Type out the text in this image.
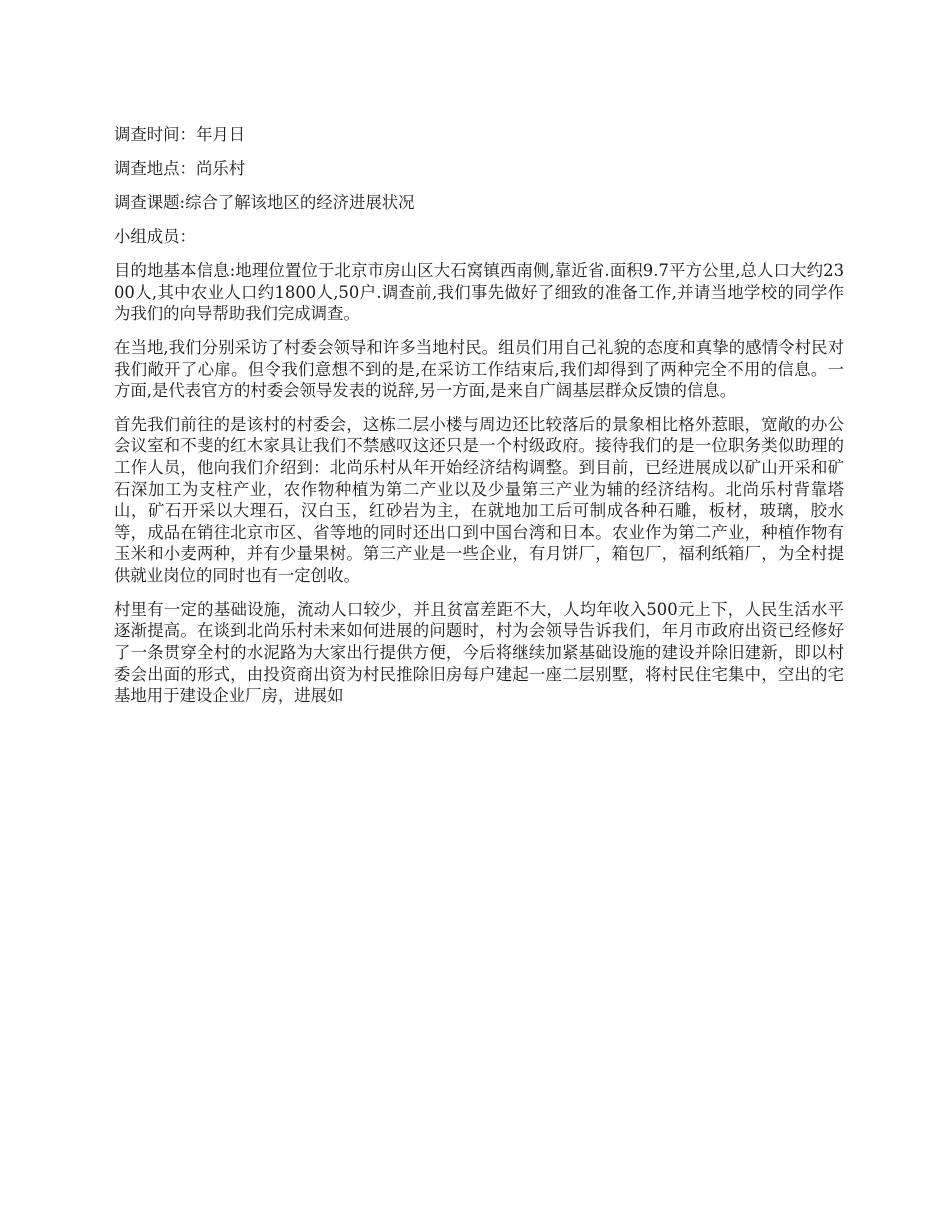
调查时间：年月日

调查地点：尚乐村

调查课题:综合了解该地区的经济进展状况

小组成员：

目的地基本信息:地理位置位于北京市房山区大石窝镇西南侧,靠近省.面积9.7平方公里,总人口大约2300人,其中农业人口约1800人,50户.调查前,我们事先做好了细致的准备工作,并请当地学校的同学作为我们的向导帮助我们完成调查。

在当地,我们分别采访了村委会领导和许多当地村民。组员们用自己礼貌的态度和真挚的感情令村民对我们敞开了心扉。但令我们意想不到的是,在采访工作结束后,我们却得到了两种完全不用的信息。一方面,是代表官方的村委会领导发表的说辞,另一方面,是来自广阔基层群众反馈的信息。

首先我们前往的是该村的村委会，这栋二层小楼与周边还比较落后的景象相比格外惹眼，宽敞的办公会议室和不斐的红木家具让我们不禁感叹这还只是一个村级政府。接待我们的是一位职务类似助理的工作人员，他向我们介绍到：北尚乐村从年开始经济结构调整。到目前，已经进展成以矿山开采和矿石深加工为支柱产业，农作物种植为第二产业以及少量第三产业为辅的经济结构。北尚乐村背靠塔山，矿石开采以大理石，汉白玉，红砂岩为主，在就地加工后可制成各种石雕，板材，玻璃，胶水等，成品在销往北京市区、省等地的同时还出口到中国台湾和日本。农业作为第二产业，种植作物有玉米和小麦两种，并有少量果树。第三产业是一些企业，有月饼厂，箱包厂，福利纸箱厂，为全村提供就业岗位的同时也有一定创收。

村里有一定的基础设施，流动人口较少，并且贫富差距不大，人均年收入500元上下，人民生活水平逐渐提高。在谈到北尚乐村未来如何进展的问题时，村为会领导告诉我们，年月市政府出资已经修好了一条贯穿全村的水泥路为大家出行提供方便，今后将继续加紧基础设施的建设并除旧建新，即以村委会出面的形式，由投资商出资为村民推除旧房每户建起一座二层别墅，将村民住宅集中，空出的宅基地用于建设企业厂房，进展如
